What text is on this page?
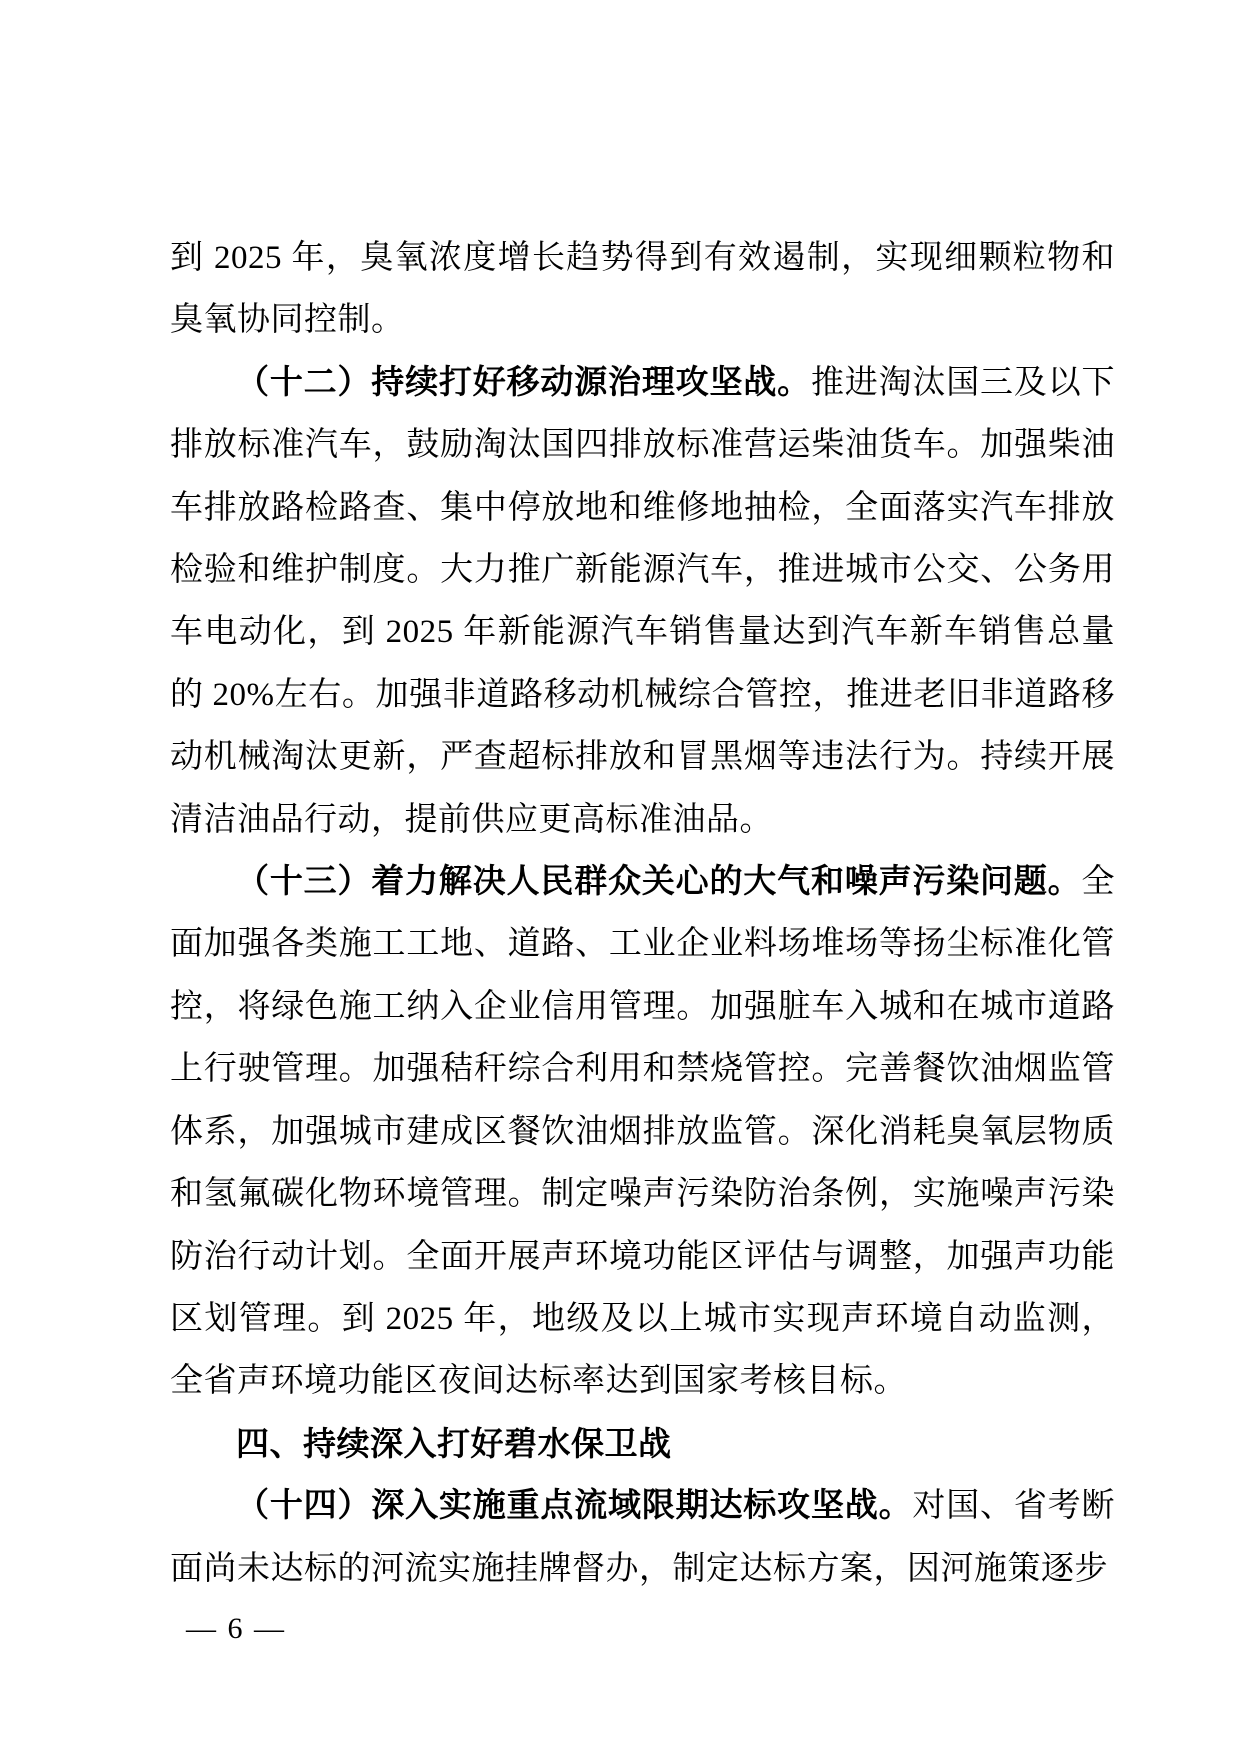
到 2025 年，臭氧浓度增长趋势得到有效遏制，实现细颗粒物和臭氧协同控制。

（十二）持续打好移动源治理攻坚战。推进淘汰国三及以下排放标准汽车，鼓励淘汰国四排放标准营运柴油货车。加强柴油车排放路检路查、集中停放地和维修地抽检，全面落实汽车排放检验和维护制度。大力推广新能源汽车，推进城市公交、公务用车电动化，到 2025 年新能源汽车销售量达到汽车新车销售总量的 20%左右。加强非道路移动机械综合管控，推进老旧非道路移动机械淘汰更新，严查超标排放和冒黑烟等违法行为。持续开展清洁油品行动，提前供应更高标准油品。

（十三）着力解决人民群众关心的大气和噪声污染问题。全面加强各类施工工地、道路、工业企业料场堆场等扬尘标准化管控，将绿色施工纳入企业信用管理。加强脏车入城和在城市道路上行驶管理。加强秸秆综合利用和禁烧管控。完善餐饮油烟监管体系，加强城市建成区餐饮油烟排放监管。深化消耗臭氧层物质和氢氟碳化物环境管理。制定噪声污染防治条例，实施噪声污染防治行动计划。全面开展声环境功能区评估与调整，加强声功能区划管理。到 2025 年，地级及以上城市实现声环境自动监测，全省声环境功能区夜间达标率达到国家考核目标。

四、持续深入打好碧水保卫战

（十四）深入实施重点流域限期达标攻坚战。对国、省考断面尚未达标的河流实施挂牌督办，制定达标方案，因河施策逐步

— 6 —
